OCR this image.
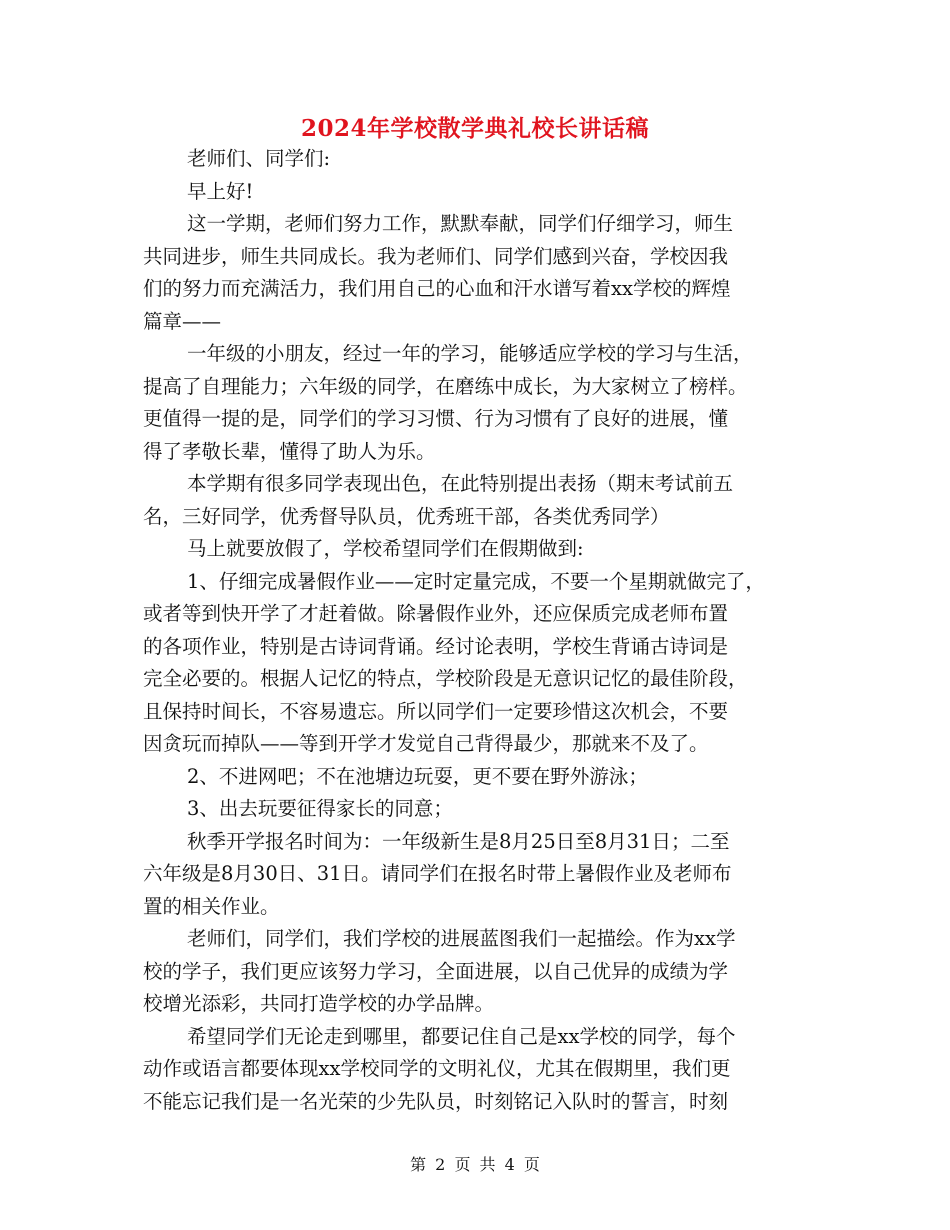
2024年学校散学典礼校长讲话稿
老师们、同学们:
早上好!
这一学期，老师们努力工作，默默奉献，同学们仔细学习，师生
共同进步，师生共同成长。我为老师们、同学们感到兴奋，学校因我
们的努力而充满活力，我们用自己的心血和汗水谱写着xx学校的辉煌
篇章——
一年级的小朋友，经过一年的学习，能够适应学校的学习与生活，
提高了自理能力；六年级的同学，在磨练中成长，为大家树立了榜样。
更值得一提的是，同学们的学习习惯、行为习惯有了良好的进展，懂
得了孝敬长辈，懂得了助人为乐。
本学期有很多同学表现出色，在此特别提出表扬（期末考试前五
名，三好同学，优秀督导队员，优秀班干部，各类优秀同学）
马上就要放假了，学校希望同学们在假期做到:
1、仔细完成暑假作业——定时定量完成，不要一个星期就做完了，
或者等到快开学了才赶着做。除暑假作业外，还应保质完成老师布置
的各项作业，特别是古诗词背诵。经讨论表明，学校生背诵古诗词是
完全必要的。根据人记忆的特点，学校阶段是无意识记忆的最佳阶段，
且保持时间长，不容易遗忘。所以同学们一定要珍惜这次机会，不要
因贪玩而掉队——等到开学才发觉自己背得最少，那就来不及了。
2、不进网吧；不在池塘边玩耍，更不要在野外游泳；
3、出去玩要征得家长的同意；
秋季开学报名时间为：一年级新生是8月25日至8月31日；二至
六年级是8月30日、31日。请同学们在报名时带上暑假作业及老师布
置的相关作业。
老师们，同学们，我们学校的进展蓝图我们一起描绘。作为xx学
校的学子，我们更应该努力学习，全面进展，以自己优异的成绩为学
校增光添彩，共同打造学校的办学品牌。
希望同学们无论走到哪里，都要记住自己是xx学校的同学，每个
动作或语言都要体现xx学校同学的文明礼仪，尤其在假期里，我们更
不能忘记我们是一名光荣的少先队员，时刻铭记入队时的誓言，时刻
第 2 页 共 4 页
